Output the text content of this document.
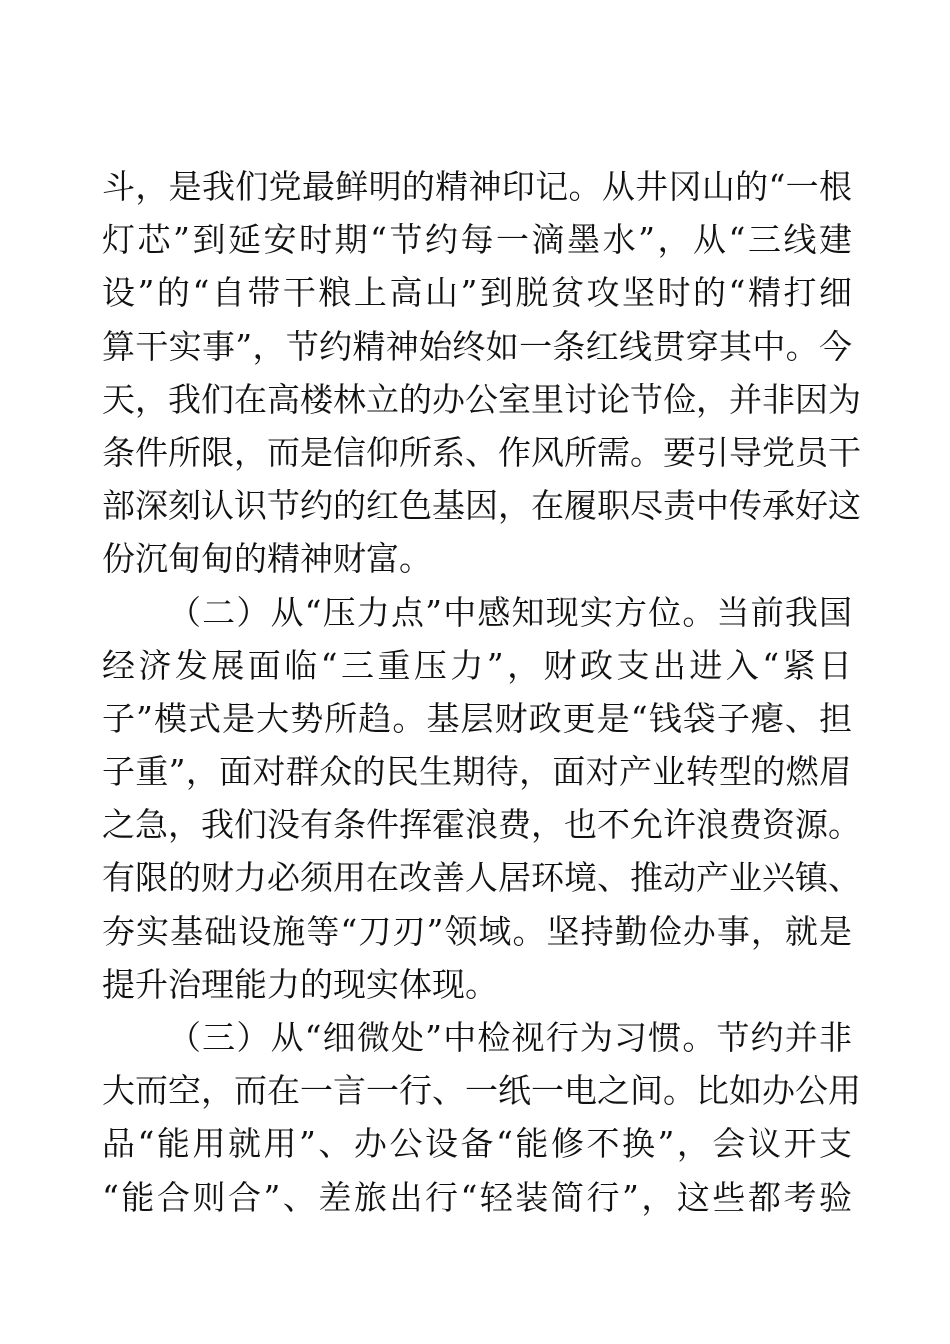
斗，是我们党最鲜明的精神印记。从井冈山的“一根
灯芯”到延安时期“节约每一滴墨水”，从“三线建
设”的“自带干粮上高山”到脱贫攻坚时的“精打细
算干实事”，节约精神始终如一条红线贯穿其中。今
天，我们在高楼林立的办公室里讨论节俭，并非因为
条件所限，而是信仰所系、作风所需。要引导党员干
部深刻认识节约的红色基因，在履职尽责中传承好这
份沉甸甸的精神财富。
（二）从“压力点”中感知现实方位。当前我国
经济发展面临“三重压力”，财政支出进入“紧日
子”模式是大势所趋。基层财政更是“钱袋子瘪、担
子重”，面对群众的民生期待，面对产业转型的燃眉
之急，我们没有条件挥霍浪费，也不允许浪费资源。
有限的财力必须用在改善人居环境、推动产业兴镇、
夯实基础设施等“刀刃”领域。坚持勤俭办事，就是
提升治理能力的现实体现。
（三）从“细微处”中检视行为习惯。节约并非
大而空，而在一言一行、一纸一电之间。比如办公用
品“能用就用”、办公设备“能修不换”，会议开支
“能合则合”、差旅出行“轻装简行”，这些都考验
